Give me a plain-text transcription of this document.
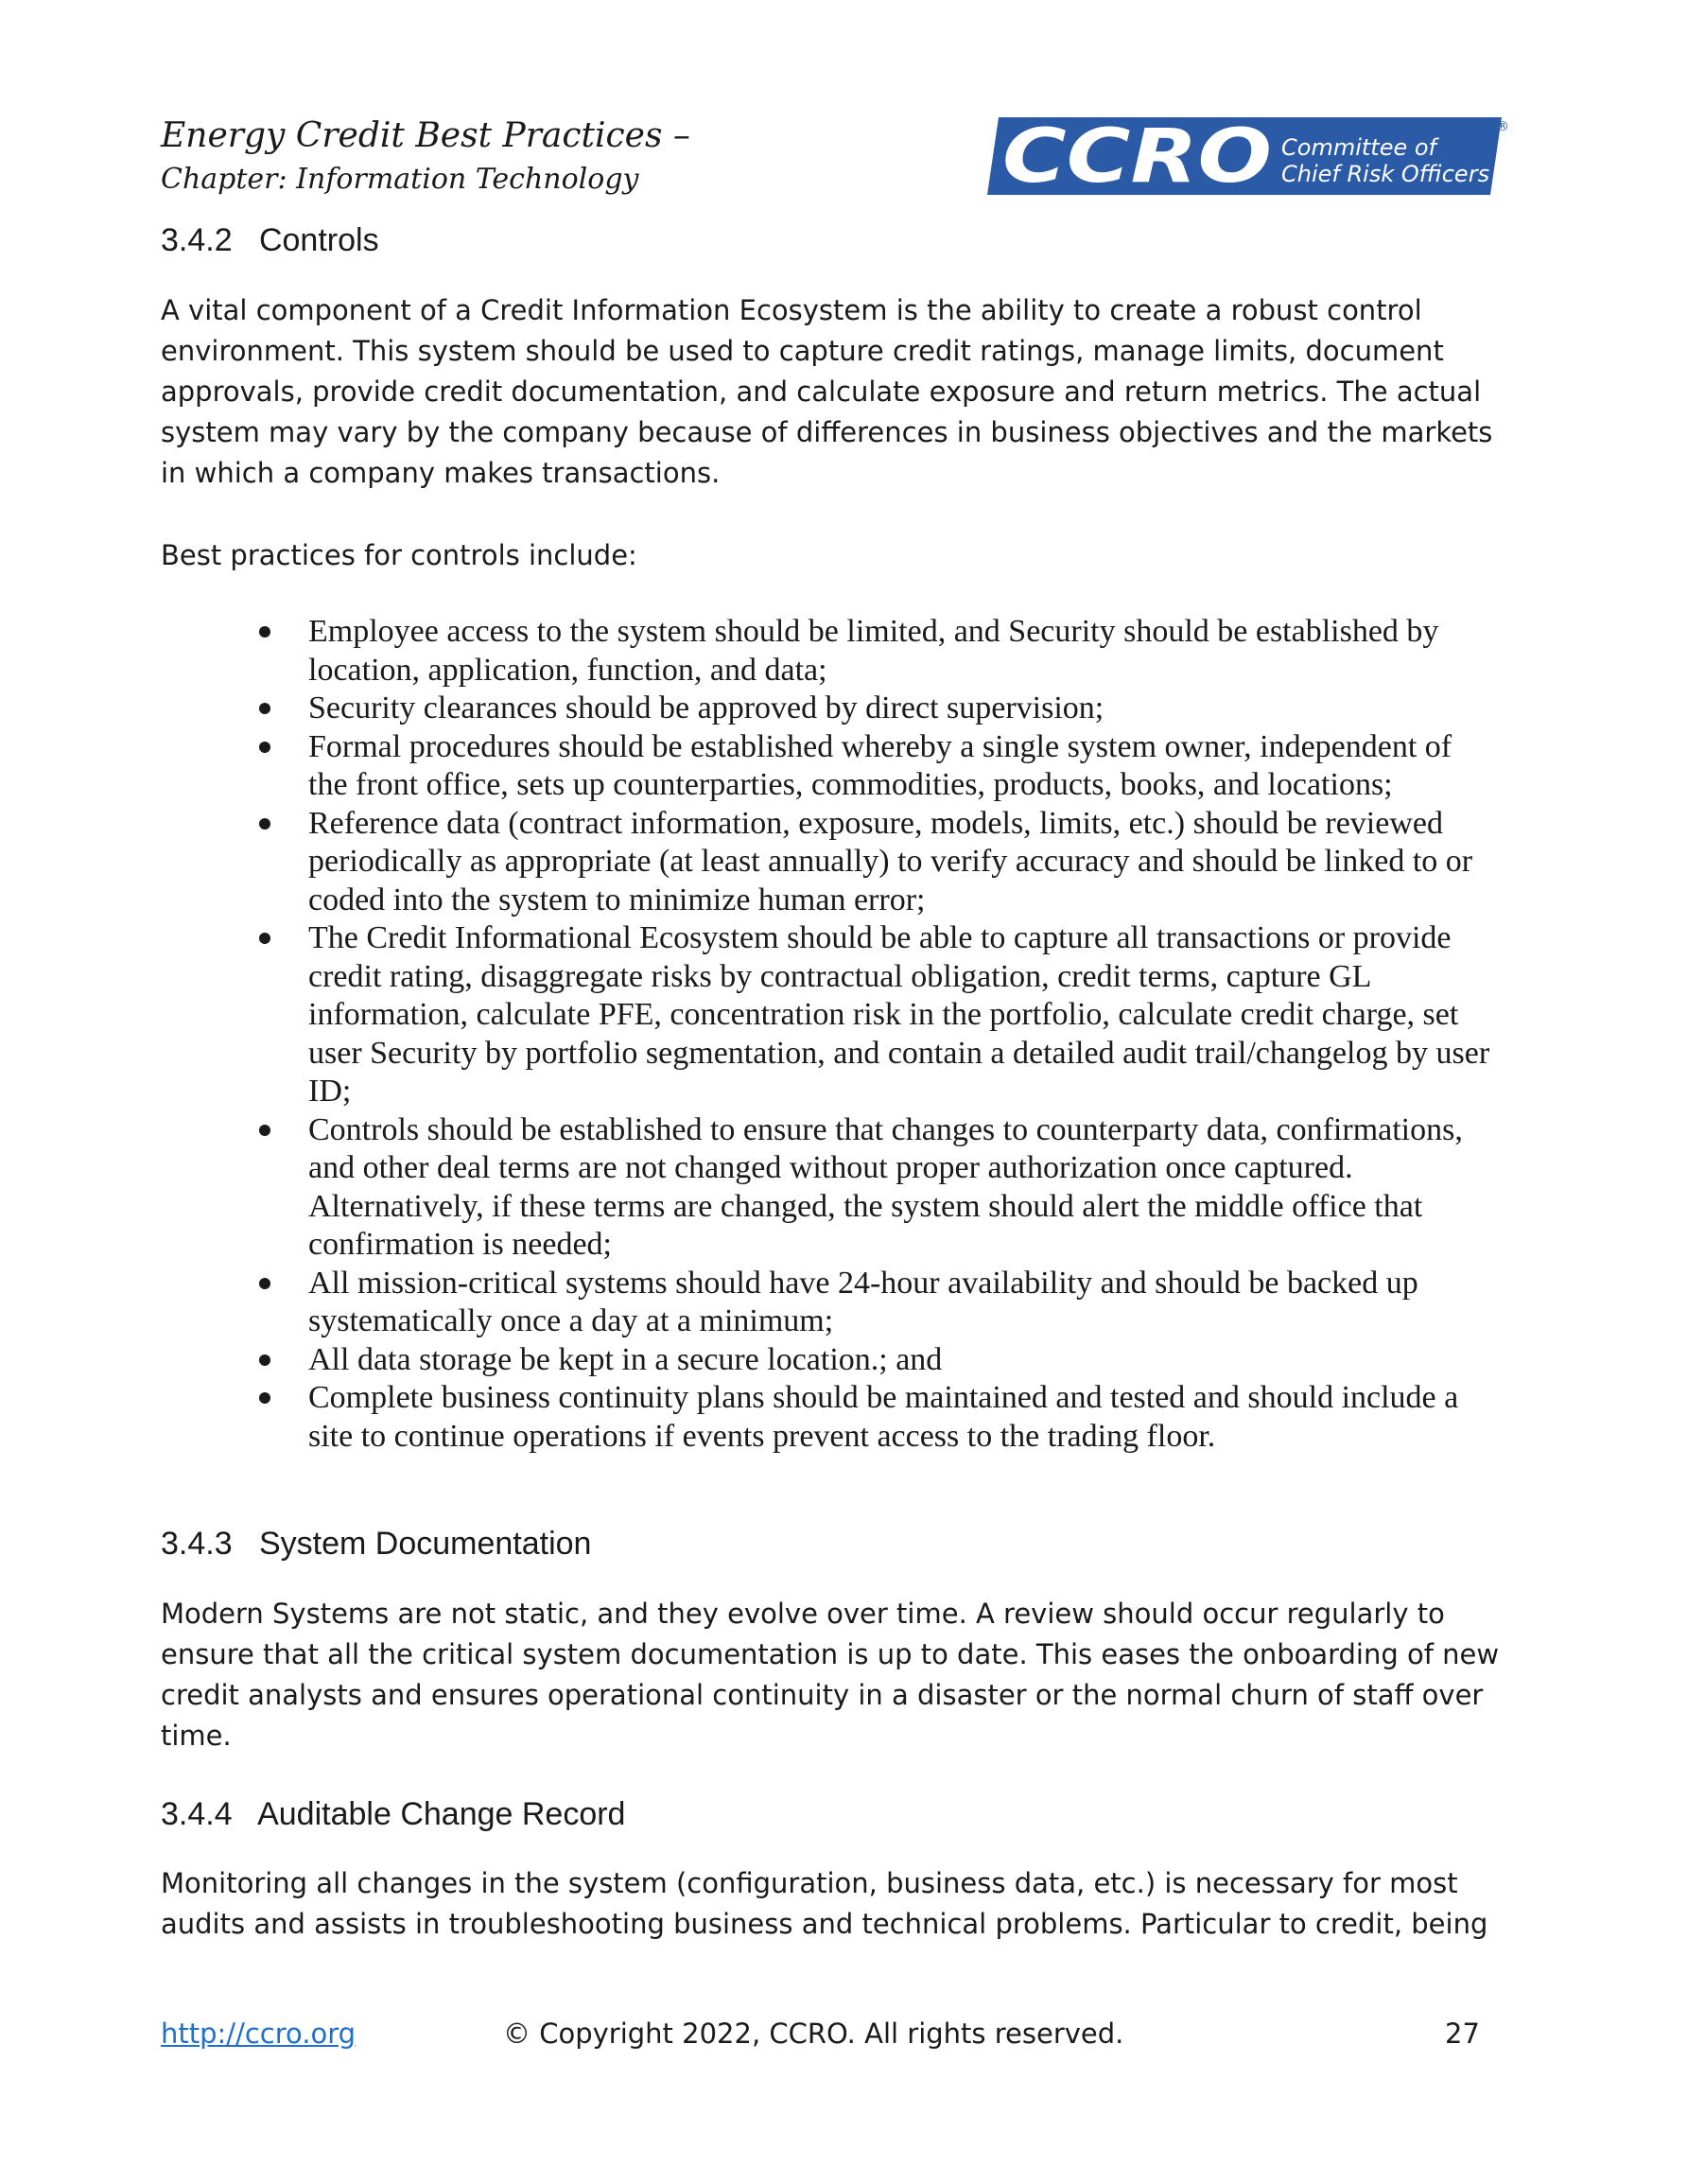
Energy Credit Best Practices –
Chapter: Information Technology	CCRO Committee of
Chief Risk Officers
®
3.4.2 Controls

A vital component of a Credit Information Ecosystem is the ability to create a robust control environment. This system should be used to capture credit ratings, manage limits, document approvals, provide credit documentation, and calculate exposure and return metrics. The actual system may vary by the company because of differences in business objectives and the markets in which a company makes transactions.

Best practices for controls include:

Employee access to the system should be limited, and Security should be established by location, application, function, and data;
Security clearances should be approved by direct supervision;
Formal procedures should be established whereby a single system owner, independent of the front office, sets up counterparties, commodities, products, books, and locations;
Reference data (contract information, exposure, models, limits, etc.) should be reviewed periodically as appropriate (at least annually) to verify accuracy and should be linked to or coded into the system to minimize human error;
The Credit Informational Ecosystem should be able to capture all transactions or provide credit rating, disaggregate risks by contractual obligation, credit terms, capture GL information, calculate PFE, concentration risk in the portfolio, calculate credit charge, set user Security by portfolio segmentation, and contain a detailed audit trail/changelog by user ID;
Controls should be established to ensure that changes to counterparty data, confirmations, and other deal terms are not changed without proper authorization once captured. Alternatively, if these terms are changed, the system should alert the middle office that confirmation is needed;
All mission-critical systems should have 24-hour availability and should be backed up systematically once a day at a minimum;
All data storage be kept in a secure location.; and
Complete business continuity plans should be maintained and tested and should include a site to continue operations if events prevent access to the trading floor.
3.4.3 System Documentation

Modern Systems are not static, and they evolve over time. A review should occur regularly to ensure that all the critical system documentation is up to date. This eases the onboarding of new credit analysts and ensures operational continuity in a disaster or the normal churn of staff over time.

3.4.4 Auditable Change Record

Monitoring all changes in the system (configuration, business data, etc.) is necessary for most audits and assists in troubleshooting business and technical problems. Particular to credit, being

http://ccro.org	© Copyright 2022, CCRO. All rights reserved.	27
